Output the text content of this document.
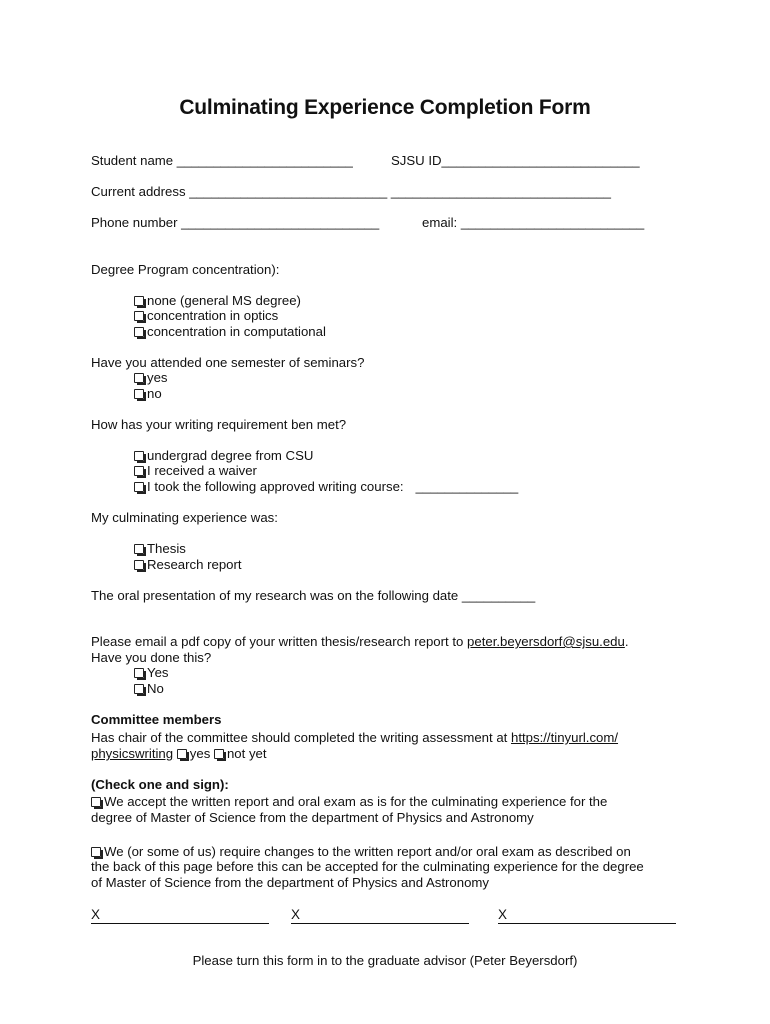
Culminating Experience Completion Form
Student name ________________________	SJSU ID___________________________
Current address ___________________________ ______________________________
Phone number ___________________________	email: _________________________
Degree Program concentration):
none (general MS degree)
concentration in optics
concentration in computational
Have you attended one semester of seminars?
yes
no
How has your writing requirement ben met?
undergrad degree from CSU
I received a waiver
I took the following approved writing course: ______________
My culminating experience was:
Thesis
Research report
The oral presentation of my research was on the following date __________
Please email a pdf copy of your written thesis/research report to peter.beyersdorf@sjsu.edu.
Have you done this?
Yes
No
Committee members
Has chair of the committee should completed the writing assessment at https://tinyurl.com/
physicswriting yes not yet
(Check one and sign):
We accept the written report and oral exam as is for the culminating experience for the
degree of Master of Science from the department of Physics and Astronomy
We (or some of us) require changes to the written report and/or oral exam as described on
the back of this page before this can be accepted for the culminating experience for the degree
of Master of Science from the department of Physics and Astronomy
X	X	X
Please turn this form in to the graduate advisor (Peter Beyersdorf)
